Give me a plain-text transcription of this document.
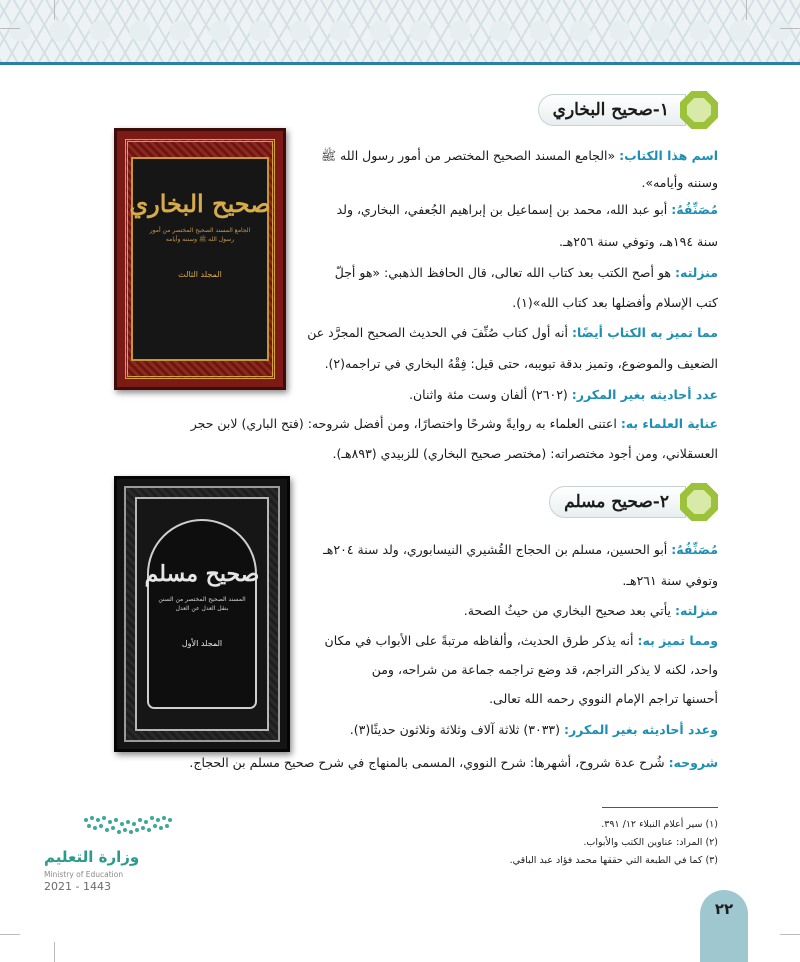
١-صحيح البخاري
صحيح البخاري
الجامع المسند الصحيح المختصر من أمور رسول الله ﷺ وسننه وأيامه
المجلد الثالث
اسم هذا الكتاب: «الجامع المسند الصحيح المختصر من أمور رسول الله ﷺ
وسننه وأيامه».
مُصَنِّفُهُ: أبو عبد الله، محمد بن إسماعيل بن إبراهيم الجُعفي، البخاري، ولد
سنة ١٩٤هـ، وتوفي سنة ٢٥٦هـ.
منزلته: هو أصح الكتب بعد كتاب الله تعالى، قال الحافظ الذهبي: «هو أجلّ
كتب الإسلام وأفضلها بعد كتاب الله»(١).
مما تميز به الكتاب أيضًا: أنه أول كتاب صُنِّفَ في الحديث الصحيح المجرَّد عن
الضعيف والموضوع، وتميز بدقة تبويبه، حتى قيل: فِقْهُ البخاري في تراجمه(٢).
عدد أحاديثه بغير المكرر: (٢٦٠٢) ألفان وست مئة واثنان.
عناية العلماء به: اعتنى العلماء به روايةً وشرحًا واختصارًا، ومن أفضل شروحه: (فتح الباري) لابن حجر
العسقلاني، ومن أجود مختصراته: (مختصر صحيح البخاري) للزبيدي (٨٩٣هـ).
٢-صحيح مسلم
صحيح مسلم
المسند الصحيح المختصر من السنن بنقل العدل عن العدل
المجلد الأول
مُصَنِّفُهُ: أبو الحسين، مسلم بن الحجاج القُشيري النيسابوري، ولد سنة ٢٠٤هـ
وتوفي سنة ٢٦١هـ.
منزلته: يأتي بعد صحيح البخاري من حيثُ الصحة.
ومما تميز به: أنه يذكر طرق الحديث، وألفاظه مرتبةً على الأبواب في مكان
واحد، لكنه لا يذكر التراجم، قد وضع تراجمه جماعة من شراحه، ومن
أحسنها تراجم الإمام النووي رحمه الله تعالى.
وعدد أحاديثه بغير المكرر: (٣٠٣٣) ثلاثة آلاف وثلاثة وثلاثون حديثًا(٣).
شروحه: شُرح عدة شروح، أشهرها: شرح النووي، المسمى بالمنهاج في شرح صحيح مسلم بن الحجاج.
(١) سير أعلام النبلاء ١٢/ ٣٩١.
(٢) المراد: عناوين الكتب والأبواب.
(٣) كما في الطبعة التي حققها محمد فؤاد عبد الباقي.
وزارة التعليم
Ministry of Education
2021 - 1443
٢٢
